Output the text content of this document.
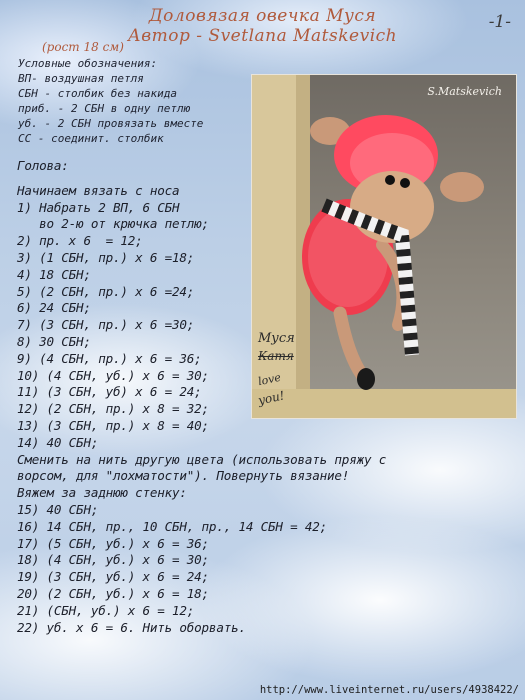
Доловязая овечка Муся
Автор - Svetlana Matskevich
-1-
(рост 18 см)
Условные обозначения:
ВП- воздушная петля
СБН - столбик без накида
приб. - 2 СБН в одну петлю
уб. - 2 СБН провязать вместе
СС - соединит. столбик
S.Matskevich
Муся
Катя
love
you!
Голова:
Начинаем вязать с носа
1) Набрать 2 ВП, 6 СБН
во 2-ю от крючка петлю;
2) пр. х 6  = 12;
3) (1 СБН, пр.) х 6 =18;
4) 18 СБН;
5) (2 СБН, пр.) х 6 =24;
6) 24 СБН;
7) (3 СБН, пр.) х 6 =30;
8) 30 СБН;
9) (4 СБН, пр.) х 6 = 36;
10) (4 СБН, уб.) х 6 = 30;
11) (3 СБН, уб) х 6 = 24;
12) (2 СБН, пр.) х 8 = 32;
13) (3 СБН, пр.) х 8 = 40;
14) 40 СБН;
Сменить на нить другую цвета (использовать пряжу с
ворсом, для "лохматости"). Повернуть вязание!
Вяжем за заднюю стенку:
15) 40 СБН;
16) 14 СБН, пр., 10 СБН, пр., 14 СБН = 42;
17) (5 СБН, уб.) х 6 = 36;
18) (4 СБН, уб.) х 6 = 30;
19) (3 СБН, уб.) х 6 = 24;
20) (2 СБН, уб.) х 6 = 18;
21) (СБН, уб.) х 6 = 12;
22) уб. х 6 = 6. Нить оборвать.
http://www.liveinternet.ru/users/4938422/
